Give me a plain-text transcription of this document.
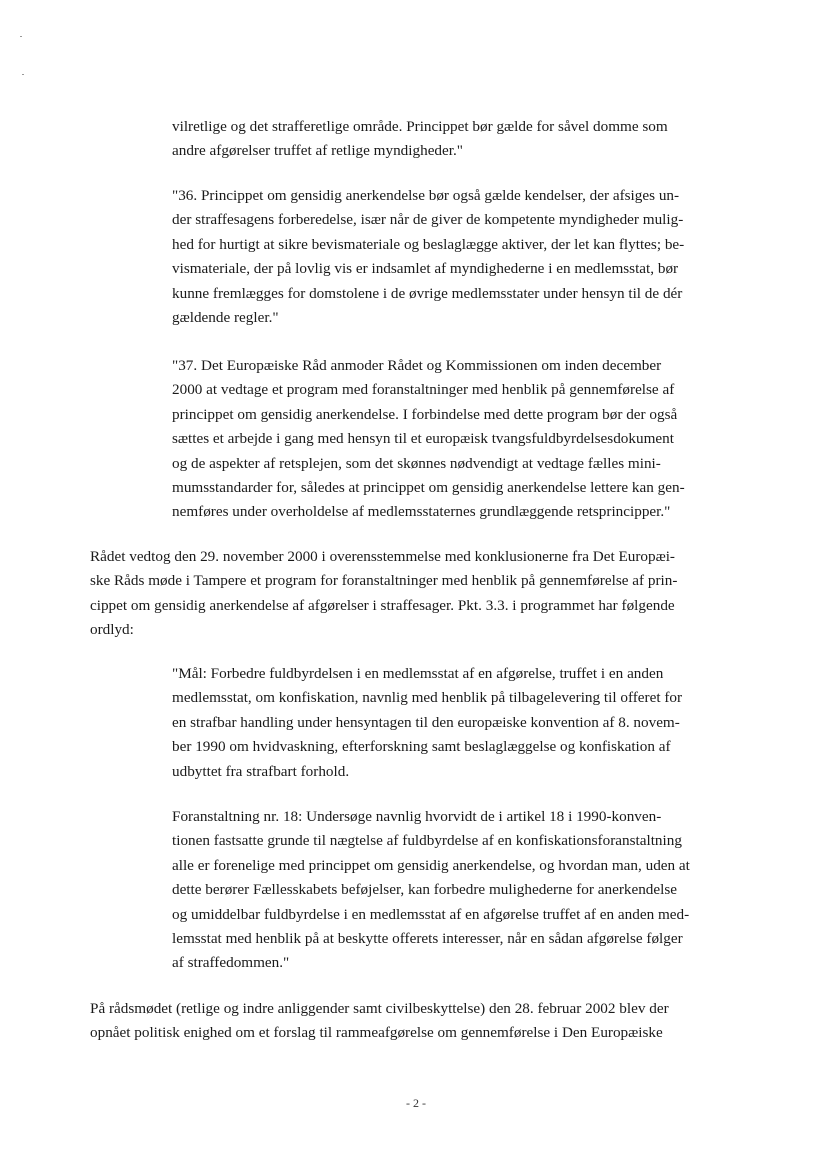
vilretlige og det strafferetlige område. Princippet bør gælde for såvel domme som
andre afgørelser truffet af retlige myndigheder."

"36. Princippet om gensidig anerkendelse bør også gælde kendelser, der afsiges un-
der straffesagens forberedelse, især når de giver de kompetente myndigheder mulig-
hed for hurtigt at sikre bevismateriale og beslaglægge aktiver, der let kan flyttes; be-
vismateriale, der på lovlig vis er indsamlet af myndighederne i en medlemsstat, bør
kunne fremlægges for domstolene i de øvrige medlemsstater under hensyn til de dér
gældende regler."

"37. Det Europæiske Råd anmoder Rådet og Kommissionen om inden december
2000 at vedtage et program med foranstaltninger med henblik på gennemførelse af
princippet om gensidig anerkendelse. I forbindelse med dette program bør der også
sættes et arbejde i gang med hensyn til et europæisk tvangsfuldbyrdelsesdokument
og de aspekter af retsplejen, som det skønnes nødvendigt at vedtage fælles mini-
mumsstandarder for, således at princippet om gensidig anerkendelse lettere kan gen-
nemføres under overholdelse af medlemsstaternes grundlæggende retsprincipper."

Rådet vedtog den 29. november 2000 i overensstemmelse med konklusionerne fra Det Europæi-
ske Råds møde i Tampere et program for foranstaltninger med henblik på gennemførelse af prin-
cippet om gensidig anerkendelse af afgørelser i straffesager. Pkt. 3.3. i programmet har følgende
ordlyd:

"Mål: Forbedre fuldbyrdelsen i en medlemsstat af en afgørelse, truffet i en anden
medlemsstat, om konfiskation, navnlig med henblik på tilbagelevering til offeret for
en strafbar handling under hensyntagen til den europæiske konvention af 8. novem-
ber 1990 om hvidvaskning, efterforskning samt beslaglæggelse og konfiskation af
udbyttet fra strafbart forhold.

Foranstaltning nr. 18: Undersøge navnlig hvorvidt de i artikel 18 i 1990-konven-
tionen fastsatte grunde til nægtelse af fuldbyrdelse af en konfiskationsforanstaltning
alle er forenelige med princippet om gensidig anerkendelse, og hvordan man, uden at
dette berører Fællesskabets beføjelser, kan forbedre mulighederne for anerkendelse
og umiddelbar fuldbyrdelse i en medlemsstat af en afgørelse truffet af en anden med-
lemsstat med henblik på at beskytte offerets interesser, når en sådan afgørelse følger
af straffedommen."

På rådsmødet (retlige og indre anliggender samt civilbeskyttelse) den 28. februar 2002 blev der
opnået politisk enighed om et forslag til rammeafgørelse om gennemførelse i Den Europæiske

- 2 -
